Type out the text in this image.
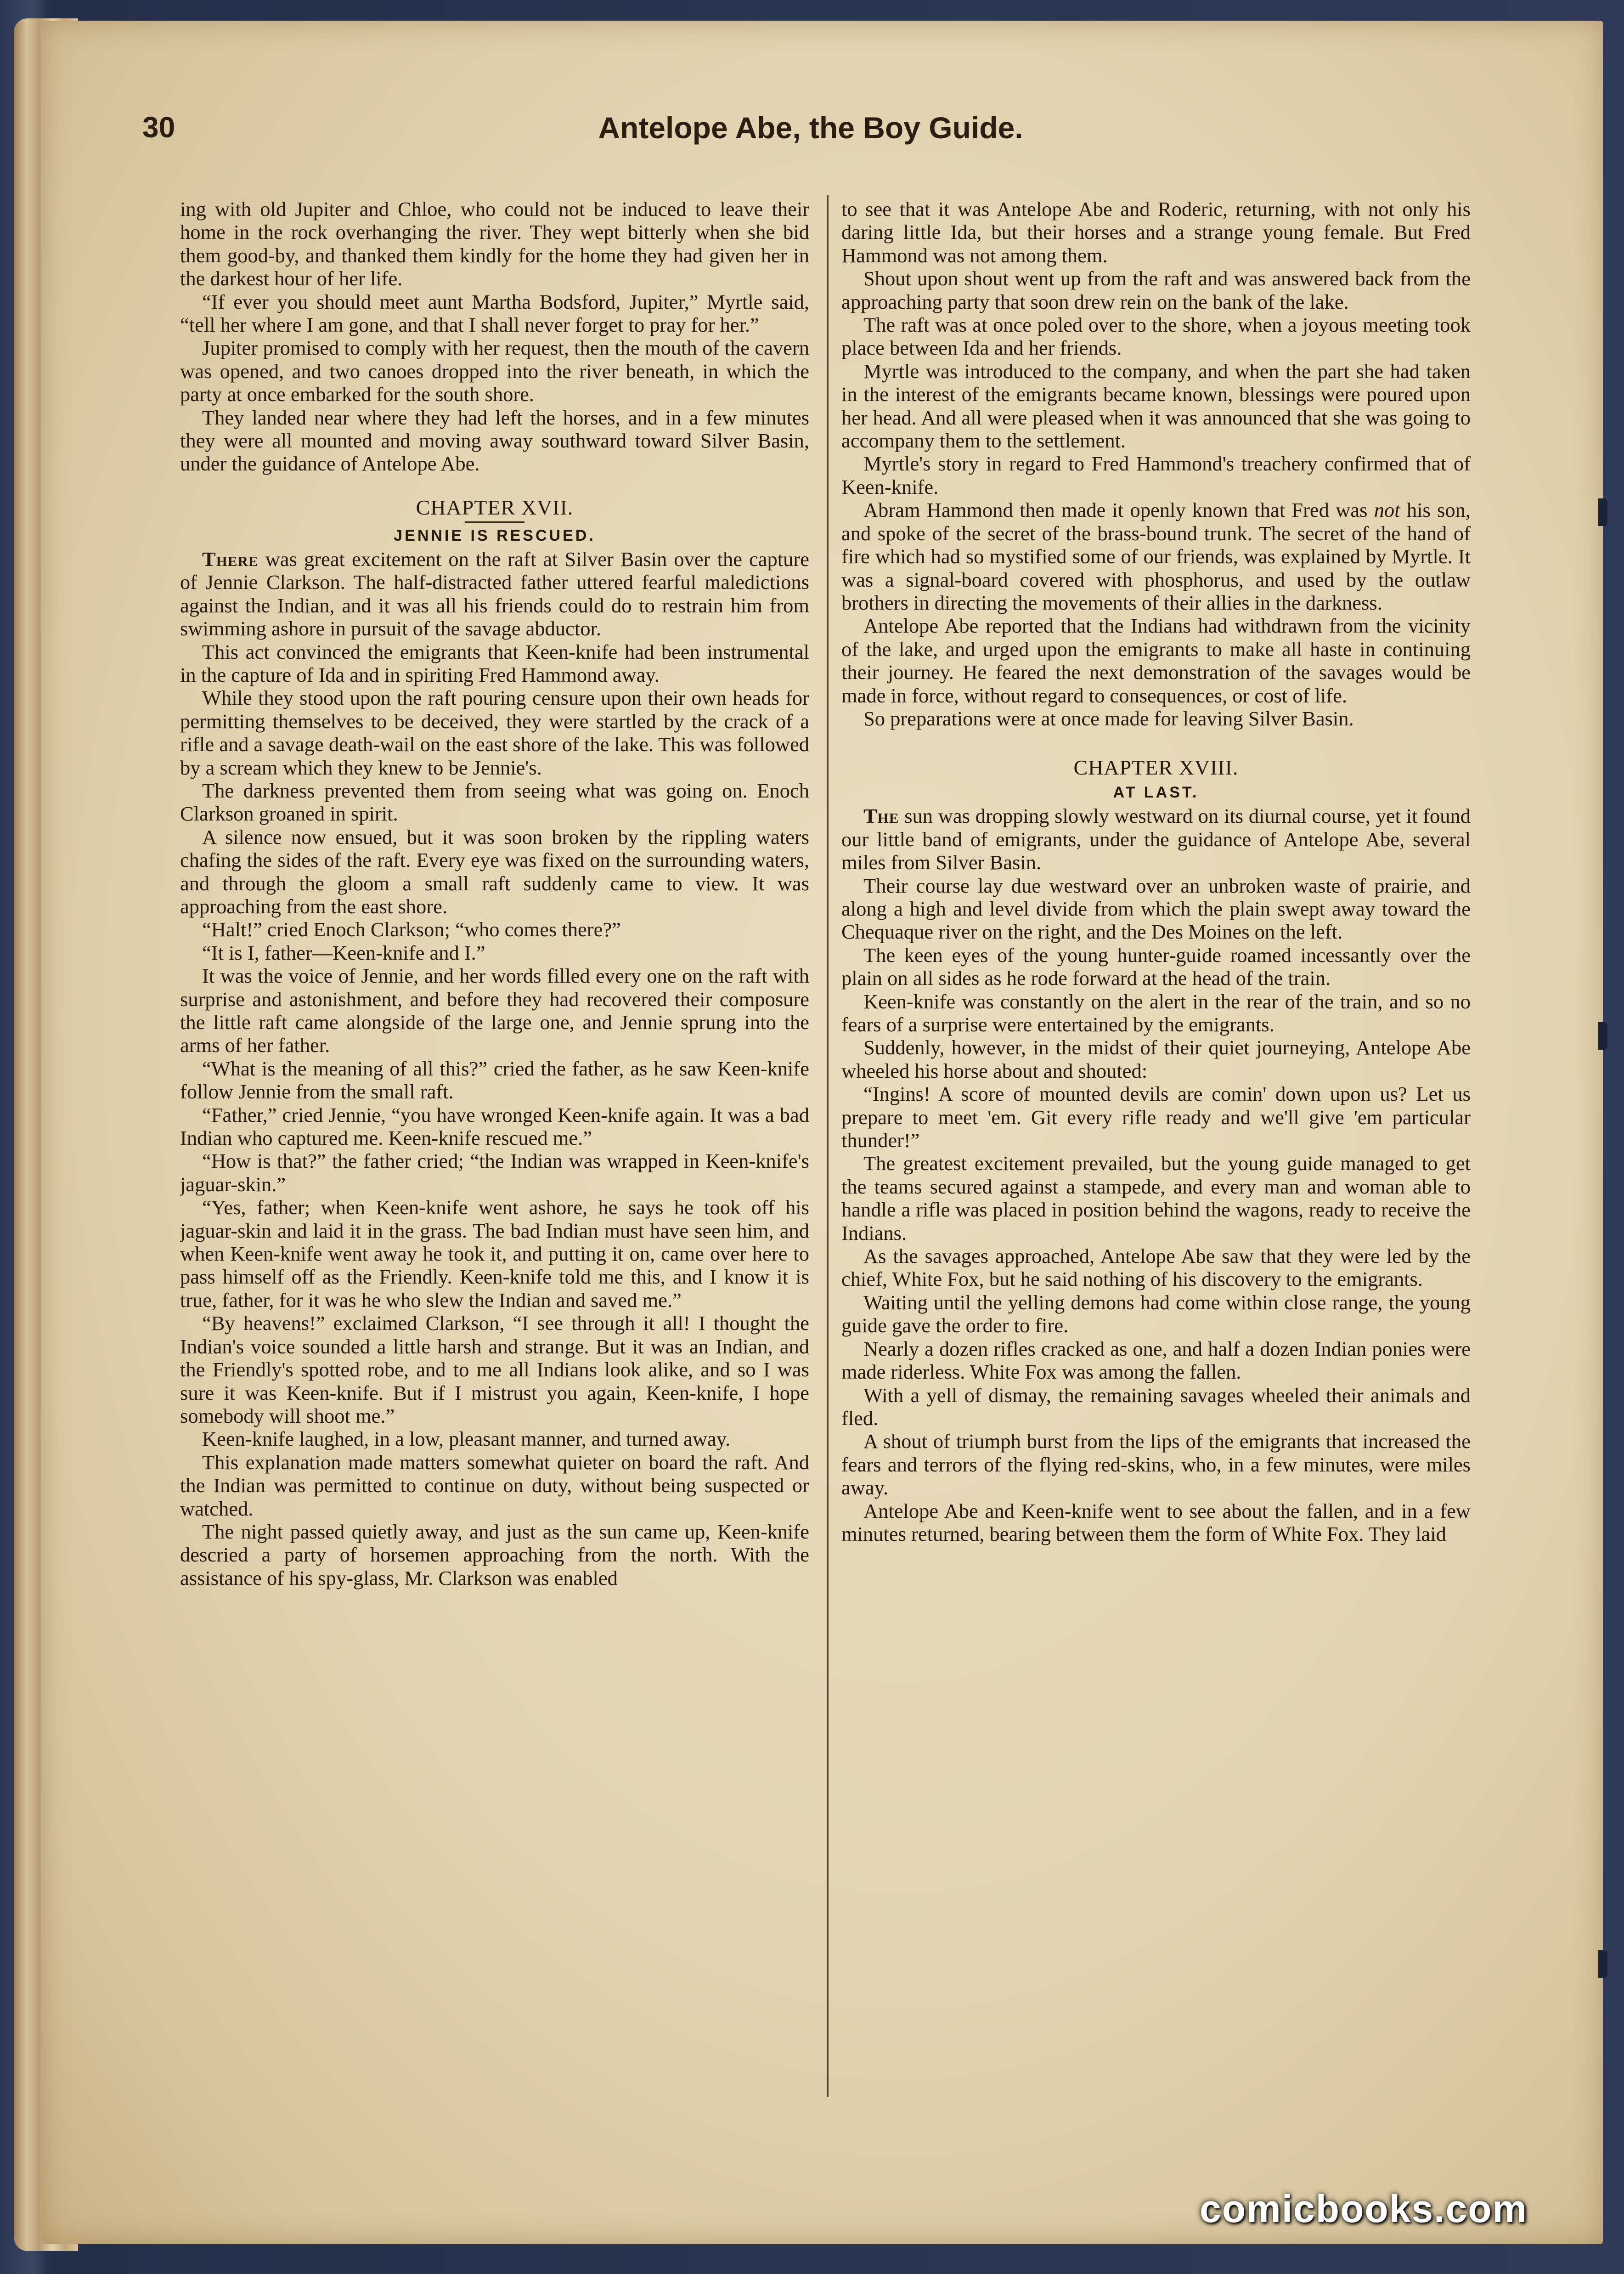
30	Antelope Abe, the Boy Guide.

ing with old Jupiter and Chloe, who could not be induced to leave their home in the rock overhanging the river. They wept bitterly when she bid them good-by, and thanked them kindly for the home they had given her in the darkest hour of her life.

“If ever you should meet aunt Martha Bodsford, Jupiter,” Myrtle said, “tell her where I am gone, and that I shall never forget to pray for her.”

Jupiter promised to comply with her request, then the mouth of the cavern was opened, and two canoes dropped into the river beneath, in which the party at once embarked for the south shore.

They landed near where they had left the horses, and in a few minutes they were all mounted and moving away southward toward Silver Basin, under the guidance of Antelope Abe.

CHAPTER XVII.
JENNIE IS RESCUED.

There was great excitement on the raft at Silver Basin over the capture of Jennie Clarkson. The half-distracted father uttered fearful maledictions against the Indian, and it was all his friends could do to restrain him from swimming ashore in pursuit of the savage abductor.

This act convinced the emigrants that Keen-knife had been instrumental in the capture of Ida and in spiriting Fred Hammond away.

While they stood upon the raft pouring censure upon their own heads for permitting themselves to be deceived, they were startled by the crack of a rifle and a savage death-wail on the east shore of the lake. This was followed by a scream which they knew to be Jennie's.

The darkness prevented them from seeing what was going on. Enoch Clarkson groaned in spirit.

A silence now ensued, but it was soon broken by the rippling waters chafing the sides of the raft. Every eye was fixed on the surrounding waters, and through the gloom a small raft suddenly came to view. It was approaching from the east shore.

“Halt!” cried Enoch Clarkson; “who comes there?”

“It is I, father—Keen-knife and I.”

It was the voice of Jennie, and her words filled every one on the raft with surprise and astonishment, and before they had recovered their composure the little raft came alongside of the large one, and Jennie sprung into the arms of her father.

“What is the meaning of all this?” cried the father, as he saw Keen-knife follow Jennie from the small raft.

“Father,” cried Jennie, “you have wronged Keen-knife again. It was a bad Indian who captured me. Keen-knife rescued me.”

“How is that?” the father cried; “the Indian was wrapped in Keen-knife's jaguar-skin.”

“Yes, father; when Keen-knife went ashore, he says he took off his jaguar-skin and laid it in the grass. The bad Indian must have seen him, and when Keen-knife went away he took it, and putting it on, came over here to pass himself off as the Friendly. Keen-knife told me this, and I know it is true, father, for it was he who slew the Indian and saved me.”

“By heavens!” exclaimed Clarkson, “I see through it all! I thought the Indian's voice sounded a little harsh and strange. But it was an Indian, and the Friendly's spotted robe, and to me all Indians look alike, and so I was sure it was Keen-knife. But if I mistrust you again, Keen-knife, I hope somebody will shoot me.”

Keen-knife laughed, in a low, pleasant manner, and turned away.

This explanation made matters somewhat quieter on board the raft. And the Indian was permitted to continue on duty, without being suspected or watched.

The night passed quietly away, and just as the sun came up, Keen-knife descried a party of horsemen approaching from the north. With the assistance of his spy-glass, Mr. Clarkson was enabled

to see that it was Antelope Abe and Roderic, returning, with not only his daring little Ida, but their horses and a strange young female. But Fred Hammond was not among them.

Shout upon shout went up from the raft and was answered back from the approaching party that soon drew rein on the bank of the lake.

The raft was at once poled over to the shore, when a joyous meeting took place between Ida and her friends.

Myrtle was introduced to the company, and when the part she had taken in the interest of the emigrants became known, blessings were poured upon her head. And all were pleased when it was announced that she was going to accompany them to the settlement.

Myrtle's story in regard to Fred Hammond's treachery confirmed that of Keen-knife.

Abram Hammond then made it openly known that Fred was not his son, and spoke of the secret of the brass-bound trunk. The secret of the hand of fire which had so mystified some of our friends, was explained by Myrtle. It was a signal-board covered with phosphorus, and used by the outlaw brothers in directing the movements of their allies in the darkness.

Antelope Abe reported that the Indians had withdrawn from the vicinity of the lake, and urged upon the emigrants to make all haste in continuing their journey. He feared the next demonstration of the savages would be made in force, without regard to consequences, or cost of life.

So preparations were at once made for leaving Silver Basin.

CHAPTER XVIII.
AT LAST.

The sun was dropping slowly westward on its diurnal course, yet it found our little band of emigrants, under the guidance of Antelope Abe, several miles from Silver Basin.

Their course lay due westward over an unbroken waste of prairie, and along a high and level divide from which the plain swept away toward the Chequaque river on the right, and the Des Moines on the left.

The keen eyes of the young hunter-guide roamed incessantly over the plain on all sides as he rode forward at the head of the train.

Keen-knife was constantly on the alert in the rear of the train, and so no fears of a surprise were entertained by the emigrants.

Suddenly, however, in the midst of their quiet journeying, Antelope Abe wheeled his horse about and shouted:

“Ingins! A score of mounted devils are comin' down upon us? Let us prepare to meet 'em. Git every rifle ready and we'll give 'em particular thunder!”

The greatest excitement prevailed, but the young guide managed to get the teams secured against a stampede, and every man and woman able to handle a rifle was placed in position behind the wagons, ready to receive the Indians.

As the savages approached, Antelope Abe saw that they were led by the chief, White Fox, but he said nothing of his discovery to the emigrants.

Waiting until the yelling demons had come within close range, the young guide gave the order to fire.

Nearly a dozen rifles cracked as one, and half a dozen Indian ponies were made riderless. White Fox was among the fallen.

With a yell of dismay, the remaining savages wheeled their animals and fled.

A shout of triumph burst from the lips of the emigrants that increased the fears and terrors of the flying red-skins, who, in a few minutes, were miles away.

Antelope Abe and Keen-knife went to see about the fallen, and in a few minutes returned, bearing between them the form of White Fox. They laid

comicbooks.com
